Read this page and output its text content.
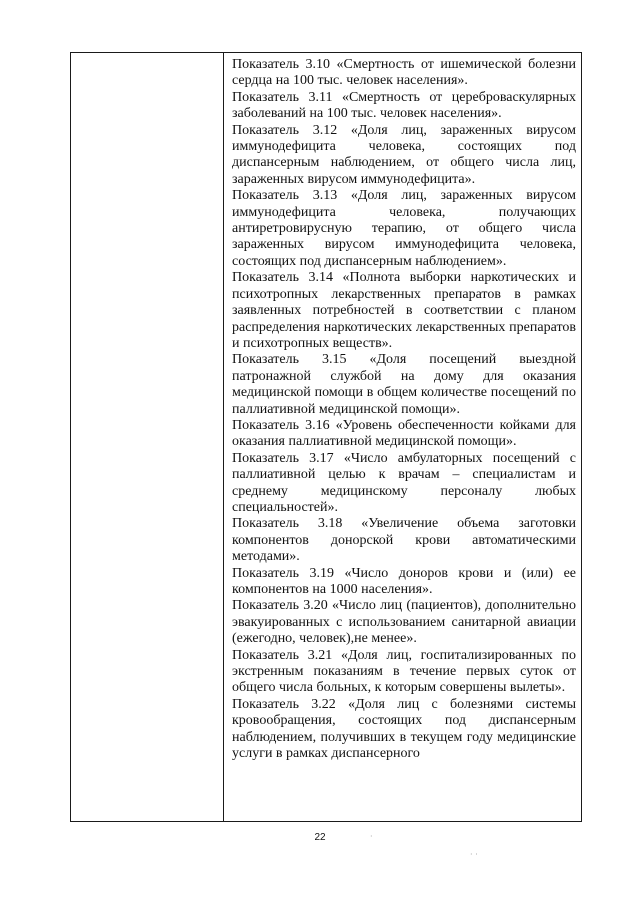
Показатель 3.10 «Смертность от ишемической болезни сердца на 100 тыс. человек населения».

Показатель 3.11 «Смертность от цереброваскулярных заболеваний на 100 тыс. человек населения».

Показатель 3.12 «Доля лиц, зараженных вирусом иммунодефицита человека, состоящих под диспансерным наблюдением, от общего числа лиц, зараженных вирусом иммунодефицита».

Показатель 3.13 «Доля лиц, зараженных вирусом иммунодефицита человека, получающих антиретровирусную терапию, от общего числа зараженных вирусом иммунодефицита человека, состоящих под диспансерным наблюдением».

Показатель 3.14 «Полнота выборки наркотических и психотропных лекарственных препаратов в рамках заявленных потребностей в соответствии с планом распределения наркотических лекарственных препаратов и психотропных веществ».

Показатель 3.15 «Доля посещений выездной патронажной службой на дому для оказания медицинской помощи в общем количестве посещений по паллиативной медицинской помощи».

Показатель 3.16 «Уровень обеспеченности койками для оказания паллиативной медицинской помощи».

Показатель 3.17 «Число амбулаторных посещений с паллиативной целью к врачам – специалистам и среднему медицинскому персоналу любых специальностей».

Показатель 3.18 «Увеличение объема заготовки компонентов донорской крови автоматическими методами».

Показатель 3.19 «Число доноров крови и (или) ее компонентов на 1000 населения».

Показатель 3.20 «Число лиц (пациентов), дополнительно эвакуированных с использованием санитарной авиации (ежегодно, человек),не менее».

Показатель 3.21 «Доля лиц, госпитализированных по экстренным показаниям в течение первых суток от общего числа больных, к которым совершены вылеты».

Показатель 3.22 «Доля лиц с болезнями системы кровообращения, состоящих под диспансерным наблюдением, получивших в текущем году медицинские услуги в рамках диспансерного

22	·
· ·
